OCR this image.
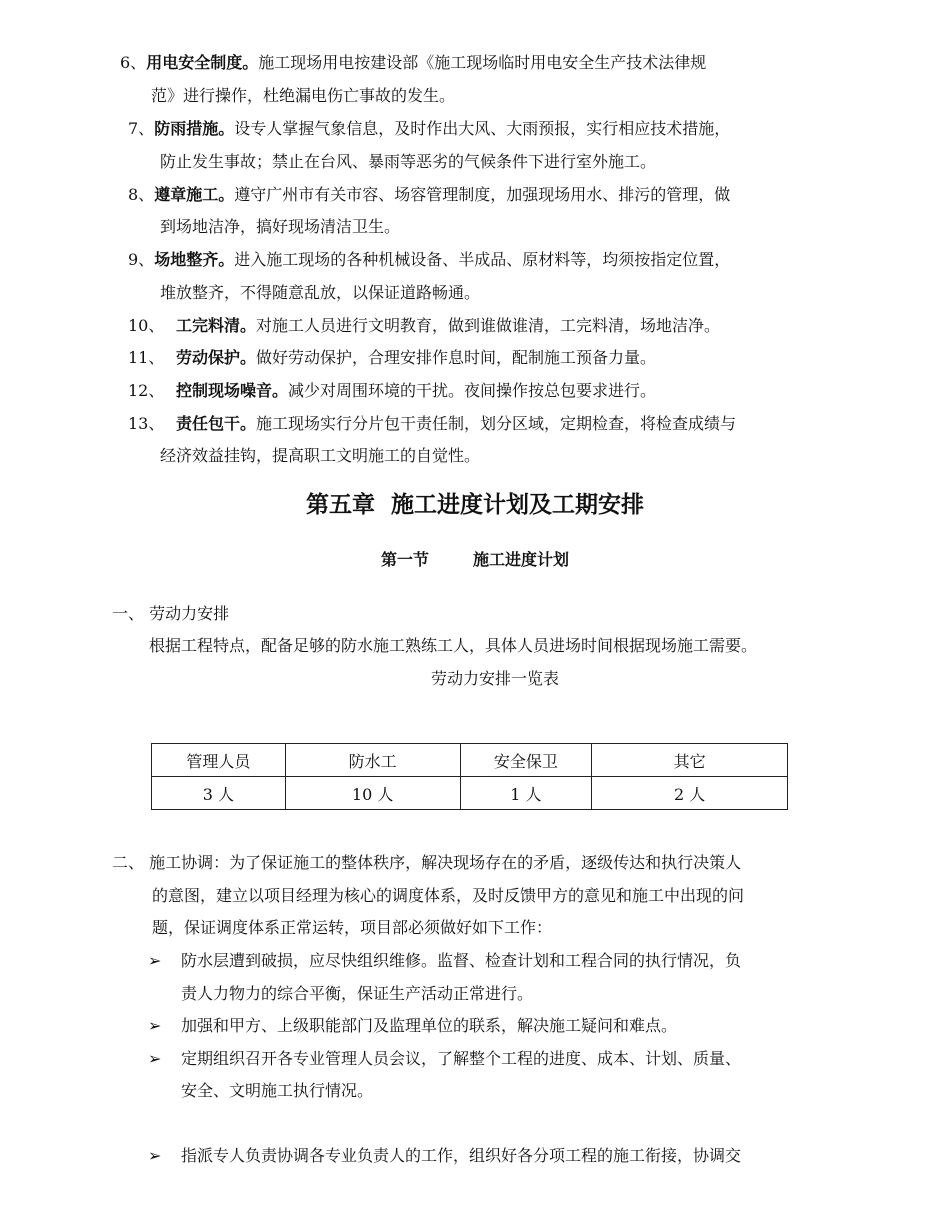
6、用电安全制度。施工现场用电按建设部《施工现场临时用电安全生产技术法律规
范》进行操作，杜绝漏电伤亡事故的发生。
7、防雨措施。设专人掌握气象信息，及时作出大风、大雨预报，实行相应技术措施，
防止发生事故；禁止在台风、暴雨等恶劣的气候条件下进行室外施工。
8、遵章施工。遵守广州市有关市容、场容管理制度，加强现场用水、排污的管理，做
到场地洁净，搞好现场清洁卫生。
9、场地整齐。进入施工现场的各种机械设备、半成品、原材料等，均须按指定位置，
堆放整齐，不得随意乱放，以保证道路畅通。
10、 工完料清。对施工人员进行文明教育，做到谁做谁清，工完料清，场地洁净。
11、 劳动保护。做好劳动保护，合理安排作息时间，配制施工预备力量。
12、 控制现场噪音。减少对周围环境的干扰。夜间操作按总包要求进行。
13、 责任包干。施工现场实行分片包干责任制，划分区域，定期检查，将检查成绩与
经济效益挂钩，提高职工文明施工的自觉性。
第五章  施工进度计划及工期安排
第一节	施工进度计划
一、 劳动力安排
根据工程特点，配备足够的防水施工熟练工人，具体人员进场时间根据现场施工需要。
劳动力安排一览表
管理人员	防水工	安全保卫	其它
3 人	10 人	1 人	2 人
二、 施工协调：为了保证施工的整体秩序，解决现场存在的矛盾，逐级传达和执行决策人
的意图，建立以项目经理为核心的调度体系，及时反馈甲方的意见和施工中出现的问
题，保证调度体系正常运转，项目部必须做好如下工作：
➢ 防水层遭到破损，应尽快组织维修。监督、检查计划和工程合同的执行情况，负
责人力物力的综合平衡，保证生产活动正常进行。
➢ 加强和甲方、上级职能部门及监理单位的联系，解决施工疑问和难点。
➢ 定期组织召开各专业管理人员会议，了解整个工程的进度、成本、计划、质量、
安全、文明施工执行情况。
➢ 指派专人负责协调各专业负责人的工作，组织好各分项工程的施工衔接，协调交
